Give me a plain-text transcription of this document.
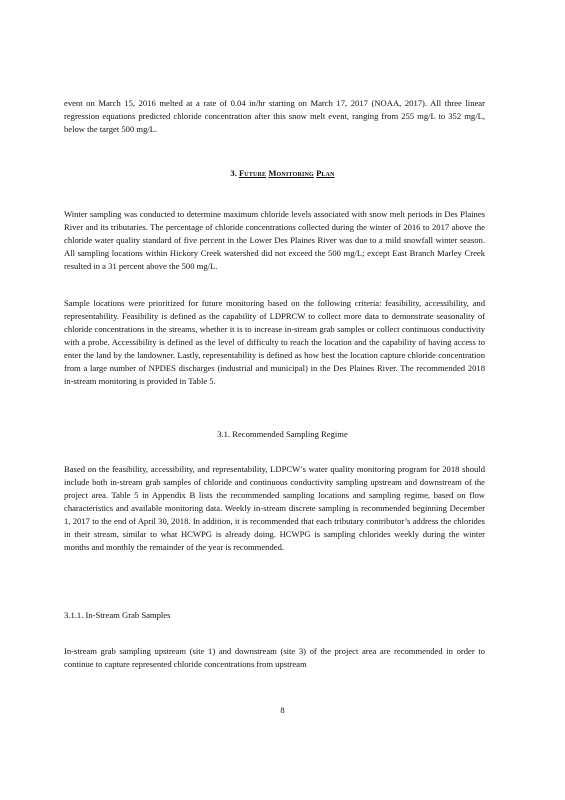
event on March 15, 2016 melted at a rate of 0.04 in/hr starting on March 17, 2017 (NOAA, 2017). All three linear regression equations predicted chloride concentration after this snow melt event, ranging from 255 mg/L to 352 mg/L, below the target 500 mg/L.

3. FUTURE MONITORING PLAN

Winter sampling was conducted to determine maximum chloride levels associated with snow melt periods in Des Plaines River and its tributaries. The percentage of chloride concentrations collected during the winter of 2016 to 2017 above the chloride water quality standard of five percent in the Lower Des Plaines River was due to a mild snowfall winter season. All sampling locations within Hickory Creek watershed did not exceed the 500 mg/L; except East Branch Marley Creek resulted in a 31 percent above the 500 mg/L.

Sample locations were prioritized for future monitoring based on the following criteria: feasibility, accessibility, and representability. Feasibility is defined as the capability of LDPRCW to collect more data to demonstrate seasonality of chloride concentrations in the streams, whether it is to increase in-stream grab samples or collect continuous conductivity with a probe. Accessibility is defined as the level of difficulty to reach the location and the capability of having access to enter the land by the landowner. Lastly, representability is defined as how best the location capture chloride concentration from a large number of NPDES discharges (industrial and municipal) in the Des Plaines River. The recommended 2018 in-stream monitoring is provided in Table 5.

3.1. Recommended Sampling Regime

Based on the feasibility, accessibility, and representability, LDPCW’s water quality monitoring program for 2018 should include both in-stream grab samples of chloride and continuous conductivity sampling upstream and downstream of the project area. Table 5 in Appendix B lists the recommended sampling locations and sampling regime, based on flow characteristics and available monitoring data. Weekly in-stream discrete sampling is recommended beginning December 1, 2017 to the end of April 30, 2018. In addition, it is recommended that each tributary contributor’s address the chlorides in their stream, similar to what HCWPG is already doing. HCWPG is sampling chlorides weekly during the winter months and monthly the remainder of the year is recommended.

3.1.1. In-Stream Grab Samples

In-stream grab sampling upstream (site 1) and downstream (site 3) of the project area are recommended in order to continue to capture represented chloride concentrations from upstream

8
